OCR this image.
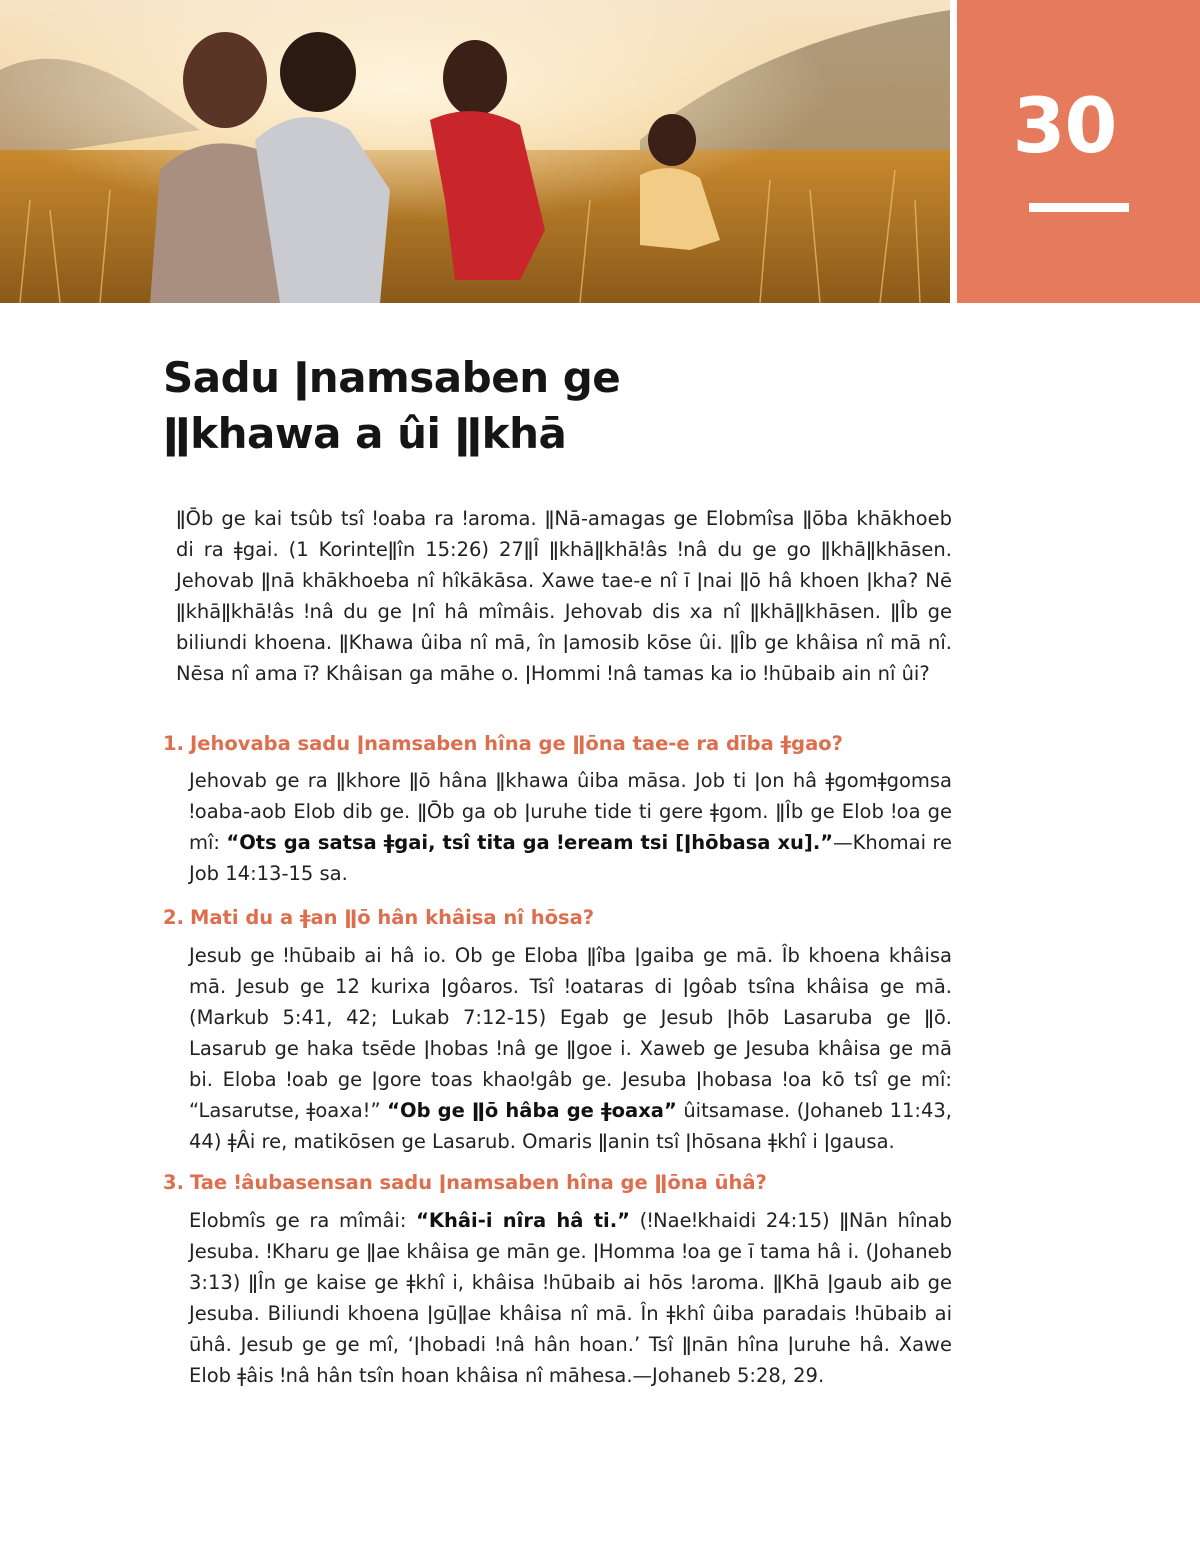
30
Sadu ǀnamsaben ge
ǁkhawa a ûi ǁkhā

ǁŌb ge kai tsûb tsî ǃoaba ra ǃaroma. ǁNā-amagas ge Elobmîsa ǁōba khākhoeb di ra ǂgai. (1 Korinteǁîn 15:26) 27ǁÎ ǁkhāǁkhāǃâs ǃnâ du ge go ǁkhāǁkhāsen. Jehovab ǁnā khākhoeba nî hîkākāsa. Xawe tae-e nî ī ǀnai ǁō hâ khoen ǀkha? Nē ǁkhāǁkhāǃâs ǃnâ du ge ǀnî hâ mîmâis. Jehovab dis xa nî ǁkhāǁkhāsen. ǁÎb ge biliundi khoena. ǁKhawa ûiba nî mā, în ǀamosib kōse ûi. ǁÎb ge khâisa nî mā nî. Nēsa nî ama ī? Khâisan ga māhe o. ǀHommi ǃnâ tamas ka io ǃhūbaib ain nî ûi?

1. Jehovaba sadu ǀnamsaben hîna ge ǁōna tae-e ra dība ǂgao?

Jehovab ge ra ǁkhore ǁō hâna ǁkhawa ûiba māsa. Job ti ǀon hâ ǂgomǂgomsa ǃoaba-aob Elob dib ge. ǁŌb ga ob ǀuruhe tide ti gere ǂgom. ǁÎb ge Elob ǃoa ge mî: “Ots ga satsa ǂgai, tsî tita ga ǃeream tsi [ǀhōbasa xu].”—Khomai re Job 14:13-15 sa.

2. Mati du a ǂan ǁō hân khâisa nî hōsa?

Jesub ge ǃhūbaib ai hâ io. Ob ge Eloba ǁîba ǀgaiba ge mā. Îb khoena khâisa mā. Jesub ge 12 kurixa ǀgôaros. Tsî ǃoataras di ǀgôab tsîna khâisa ge mā. (Markub 5:41, 42; Lukab 7:12-15) Egab ge Jesub ǀhōb Lasaruba ge ǁō. Lasarub ge haka tsēde ǀhobas ǃnâ ge ǁgoe i. Xaweb ge Jesuba khâisa ge mā bi. Eloba ǃoab ge ǀgore toas khaoǃgâb ge. Jesuba ǀhobasa ǃoa kō tsî ge mî: “Lasarutse, ǂoaxa!” “Ob ge ǁō hâba ge ǂoaxa” ûitsamase. (Johaneb 11:43, 44) ǂÂi re, matikōsen ge Lasarub. Omaris ǁanin tsî ǀhōsana ǂkhî i ǀgausa.

3. Tae ǃâubasensan sadu ǀnamsaben hîna ge ǁōna ūhâ?

Elobmîs ge ra mîmâi: “Khâi-i nîra hâ ti.” (ǃNaeǃkhaidi 24:15) ǁNān hînab Jesuba. ǃKharu ge ǁae khâisa ge mān ge. ǀHomma ǃoa ge ī tama hâ i. (Johaneb 3:13) ǁÎn ge kaise ge ǂkhî i, khâisa ǃhūbaib ai hōs ǃaroma. ǁKhā ǀgaub aib ge Jesuba. Biliundi khoena ǀgūǁae khâisa nî mā. În ǂkhî ûiba paradais ǃhūbaib ai ūhâ. Jesub ge ge mî, ‘ǀhobadi ǃnâ hân hoan.’ Tsî ǁnān hîna ǀuruhe hâ. Xawe Elob ǂâis ǃnâ hân tsîn hoan khâisa nî māhesa.—Johaneb 5:28, 29.
